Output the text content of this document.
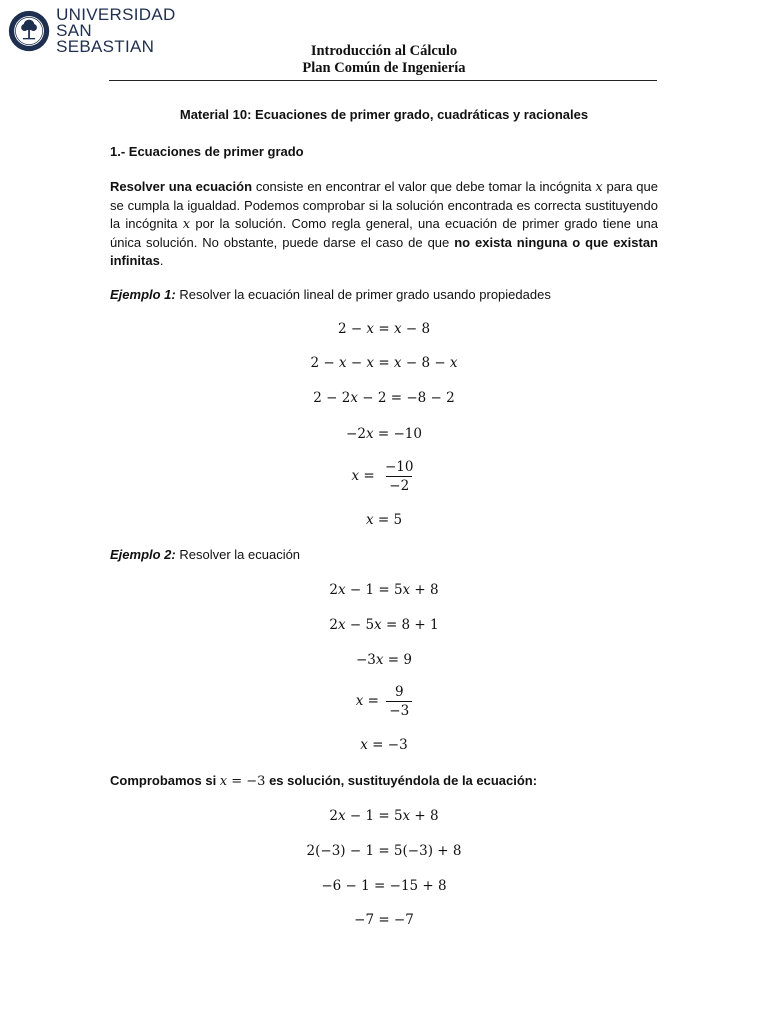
UNIVERSIDAD
SAN SEBASTIAN	Introducción al Cálculo
Plan Común de Ingeniería
Material 10: Ecuaciones de primer grado, cuadráticas y racionales
1.- Ecuaciones de primer grado
Resolver una ecuación consiste en encontrar el valor que debe tomar la incógnita x para que se cumpla la igualdad. Podemos comprobar si la solución encontrada es correcta sustituyendo la incógnita x por la solución. Como regla general, una ecuación de primer grado tiene una única solución. No obstante, puede darse el caso de que no exista ninguna o que existan infinitas.
Ejemplo 1: Resolver la ecuación lineal de primer grado usando propiedades
2 − 𝑥 = 𝑥 − 8
2 − 𝑥 − 𝑥 = 𝑥 − 8 − 𝑥
2 − 2𝑥 − 2 = −8 − 2
−2𝑥 = −10
𝑥 = $\frac{-10}{-2}$
𝑥 = 5
Ejemplo 2: Resolver la ecuación
2𝑥 − 1 = 5𝑥 + 8
2𝑥 − 5𝑥 = 8 + 1
−3𝑥 = 9
𝑥 = $\frac{9}{-3}$
𝑥 = −3
Comprobamos si 𝑥 = −3 es solución, sustituyéndola de la ecuación:
2𝑥 − 1 = 5𝑥 + 8
2(−3) − 1 = 5(−3) + 8
−6 − 1 = −15 + 8
−7 = −7
